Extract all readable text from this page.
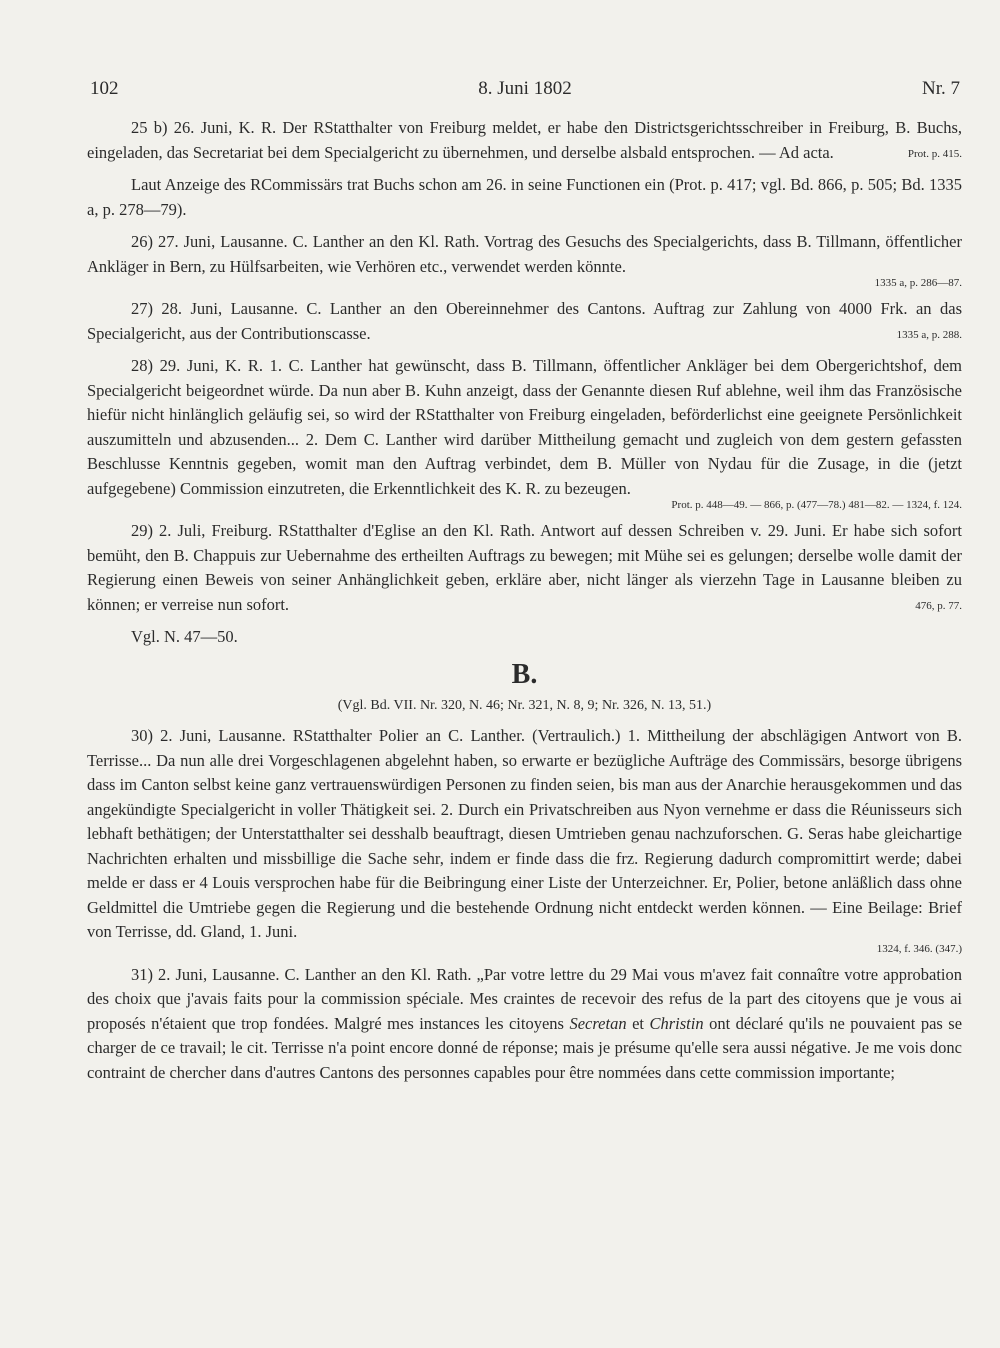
102	8. Juni 1802	Nr. 7

25 b) 26. Juni, K. R. Der RStatthalter von Freiburg meldet, er habe den Districtsgerichtsschreiber in Freiburg, B. Buchs, eingeladen, das Secretariat bei dem Specialgericht zu übernehmen, und derselbe alsbald entsprochen. — Ad acta.	Prot. p. 415.

Laut Anzeige des RCommissärs trat Buchs schon am 26. in seine Functionen ein (Prot. p. 417; vgl. Bd. 866, p. 505; Bd. 1335 a, p. 278—79).

26) 27. Juni, Lausanne. C. Lanther an den Kl. Rath. Vortrag des Gesuchs des Specialgerichts, dass B. Tillmann, öffentlicher Ankläger in Bern, zu Hülfsarbeiten, wie Verhören etc., verwendet werden könnte.
1335 a, p. 286—87.

27) 28. Juni, Lausanne. C. Lanther an den Obereinnehmer des Cantons. Auftrag zur Zahlung von 4000 Frk. an das Specialgericht, aus der Contributionscasse.	1335 a, p. 288.

28) 29. Juni, K. R. 1. C. Lanther hat gewünscht, dass B. Tillmann, öffentlicher Ankläger bei dem Obergerichtshof, dem Specialgericht beigeordnet würde. Da nun aber B. Kuhn anzeigt, dass der Genannte diesen Ruf ablehne, weil ihm das Französische hiefür nicht hinlänglich geläufig sei, so wird der RStatthalter von Freiburg eingeladen, beförderlichst eine geeignete Persönlichkeit auszumitteln und abzusenden... 2. Dem C. Lanther wird darüber Mittheilung gemacht und zugleich von dem gestern gefassten Beschlusse Kenntnis gegeben, womit man den Auftrag verbindet, dem B. Müller von Nydau für die Zusage, in die (jetzt aufgegebene) Commission einzutreten, die Erkenntlichkeit des K. R. zu bezeugen.
Prot. p. 448—49. — 866, p. (477—78.) 481—82. — 1324, f. 124.

29) 2. Juli, Freiburg. RStatthalter d'Eglise an den Kl. Rath. Antwort auf dessen Schreiben v. 29. Juni. Er habe sich sofort bemüht, den B. Chappuis zur Uebernahme des ertheilten Auftrags zu bewegen; mit Mühe sei es gelungen; derselbe wolle damit der Regierung einen Beweis von seiner Anhänglichkeit geben, erkläre aber, nicht länger als vierzehn Tage in Lausanne bleiben zu können; er verreise nun sofort.	476, p. 77.

Vgl. N. 47—50.

B.
(Vgl. Bd. VII. Nr. 320, N. 46; Nr. 321, N. 8, 9; Nr. 326, N. 13, 51.)

30) 2. Juni, Lausanne. RStatthalter Polier an C. Lanther. (Vertraulich.) 1. Mittheilung der abschlägigen Antwort von B. Terrisse... Da nun alle drei Vorgeschlagenen abgelehnt haben, so erwarte er bezügliche Aufträge des Commissärs, besorge übrigens dass im Canton selbst keine ganz vertrauenswürdigen Personen zu finden seien, bis man aus der Anarchie herausgekommen und das angekündigte Specialgericht in voller Thätigkeit sei. 2. Durch ein Privatschreiben aus Nyon vernehme er dass die Réunisseurs sich lebhaft bethätigen; der Unterstatthalter sei desshalb beauftragt, diesen Umtrieben genau nachzuforschen. G. Seras habe gleichartige Nachrichten erhalten und missbillige die Sache sehr, indem er finde dass die frz. Regierung dadurch compromittirt werde; dabei melde er dass er 4 Louis versprochen habe für die Beibringung einer Liste der Unterzeichner. Er, Polier, betone anläßlich dass ohne Geldmittel die Umtriebe gegen die Regierung und die bestehende Ordnung nicht entdeckt werden können. — Eine Beilage: Brief von Terrisse, dd. Gland, 1. Juni.
1324, f. 346. (347.)

31) 2. Juni, Lausanne. C. Lanther an den Kl. Rath. „Par votre lettre du 29 Mai vous m'avez fait connaître votre approbation des choix que j'avais faits pour la commission spéciale. Mes craintes de recevoir des refus de la part des citoyens que je vous ai proposés n'étaient que trop fondées. Malgré mes instances les citoyens Secretan et Christin ont déclaré qu'ils ne pouvaient pas se charger de ce travail; le cit. Terrisse n'a point encore donné de réponse; mais je présume qu'elle sera aussi négative. Je me vois donc contraint de chercher dans d'autres Cantons des personnes capables pour être nommées dans cette commission importante;
